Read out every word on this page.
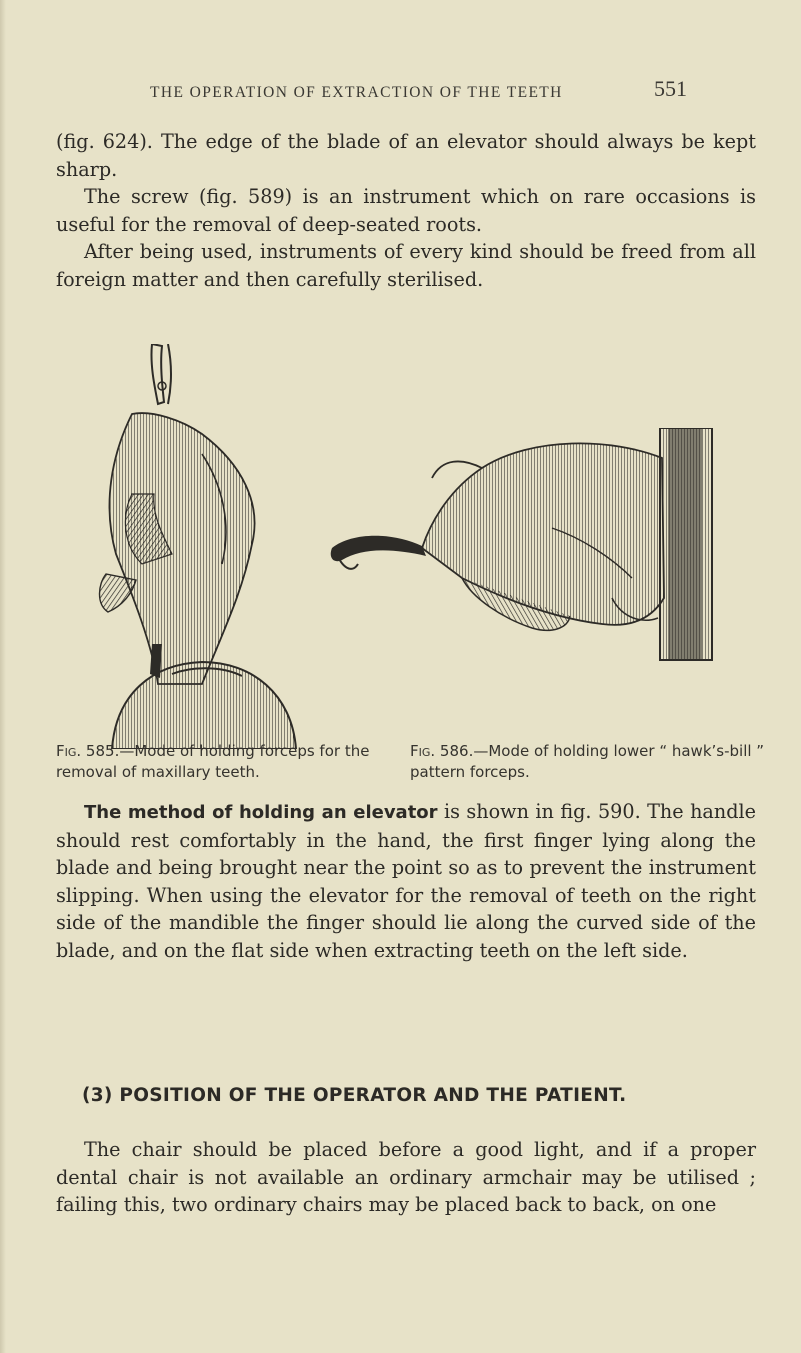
THE OPERATION OF EXTRACTION OF THE TEETH	551

(fig. 624). The edge of the blade of an elevator should always be kept sharp.

The screw (fig. 589) is an instrument which on rare occasions is useful for the removal of deep-seated roots.

After being used, instruments of every kind should be freed from all foreign matter and then carefully sterilised.

Fig. 585.—Mode of holding forceps for the removal of maxillary teeth.
Fig. 586.—Mode of holding lower “ hawk’s-bill ” pattern forceps.

The method of holding an elevator is shown in fig. 590. The handle should rest comfortably in the hand, the first finger lying along the blade and being brought near the point so as to prevent the instrument slipping. When using the elevator for the removal of teeth on the right side of the mandible the finger should lie along the curved side of the blade, and on the flat side when extracting teeth on the left side.

(3) POSITION OF THE OPERATOR AND THE PATIENT.

The chair should be placed before a good light, and if a proper dental chair is not available an ordinary armchair may be utilised ; failing this, two ordinary chairs may be placed back to back, on one
